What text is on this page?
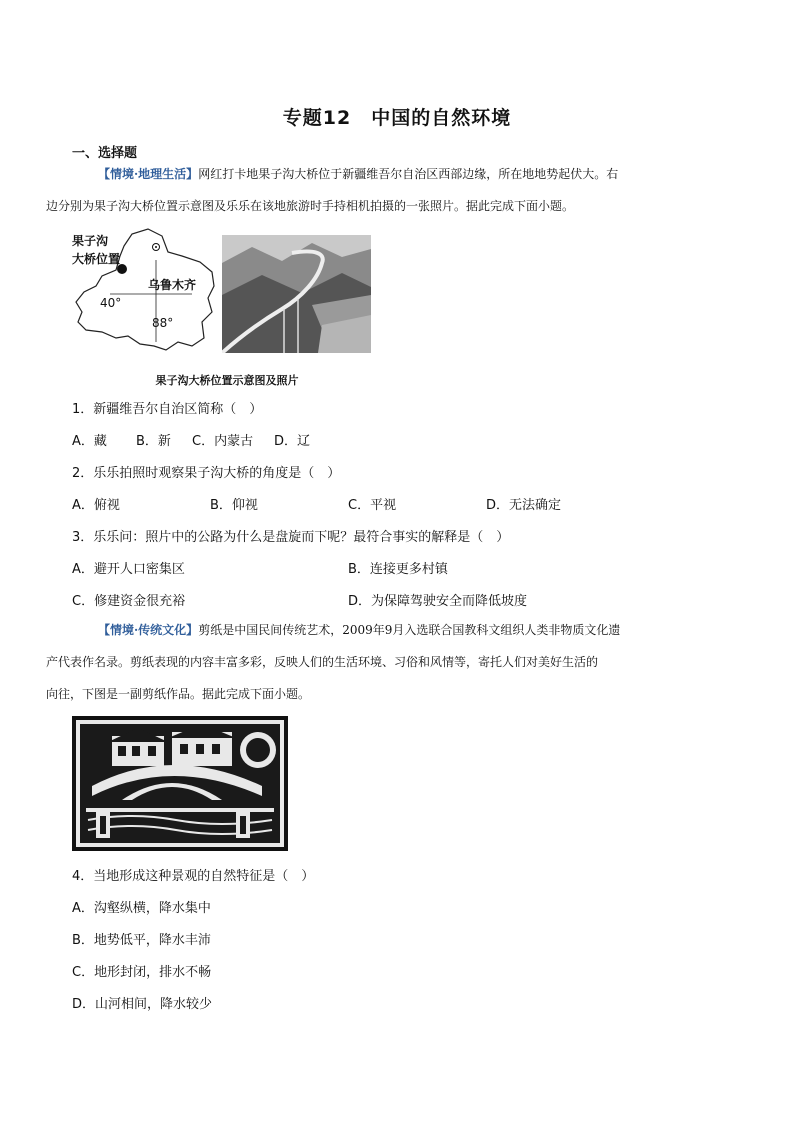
专题12　中国的自然环境
一、选择题
【情境·地理生活】网红打卡地果子沟大桥位于新疆维吾尔自治区西部边缘，所在地地势起伏大。右
边分别为果子沟大桥位置示意图及乐乐在该地旅游时手持相机拍摄的一张照片。据此完成下面小题。
果子沟
大桥位置
乌鲁木齐
40°
88°
果子沟大桥位置示意图及照片
1．新疆维吾尔自治区简称（　）
A．藏 B．新 C．内蒙古 D．辽
2．乐乐拍照时观察果子沟大桥的角度是（　）
A．俯视	B．仰视	C．平视	D．无法确定
3．乐乐问：照片中的公路为什么是盘旋而下呢？最符合事实的解释是（　）
A．避开人口密集区	B．连接更多村镇
C．修建资金很充裕	D．为保障驾驶安全而降低坡度
【情境·传统文化】剪纸是中国民间传统艺术，2009年9月入选联合国教科文组织人类非物质文化遗
产代表作名录。剪纸表现的内容丰富多彩，反映人们的生活环境、习俗和风情等，寄托人们对美好生活的
向往，下图是一副剪纸作品。据此完成下面小题。
4．当地形成这种景观的自然特征是（　）
A．沟壑纵横，降水集中
B．地势低平，降水丰沛
C．地形封闭，排水不畅
D．山河相间，降水较少
